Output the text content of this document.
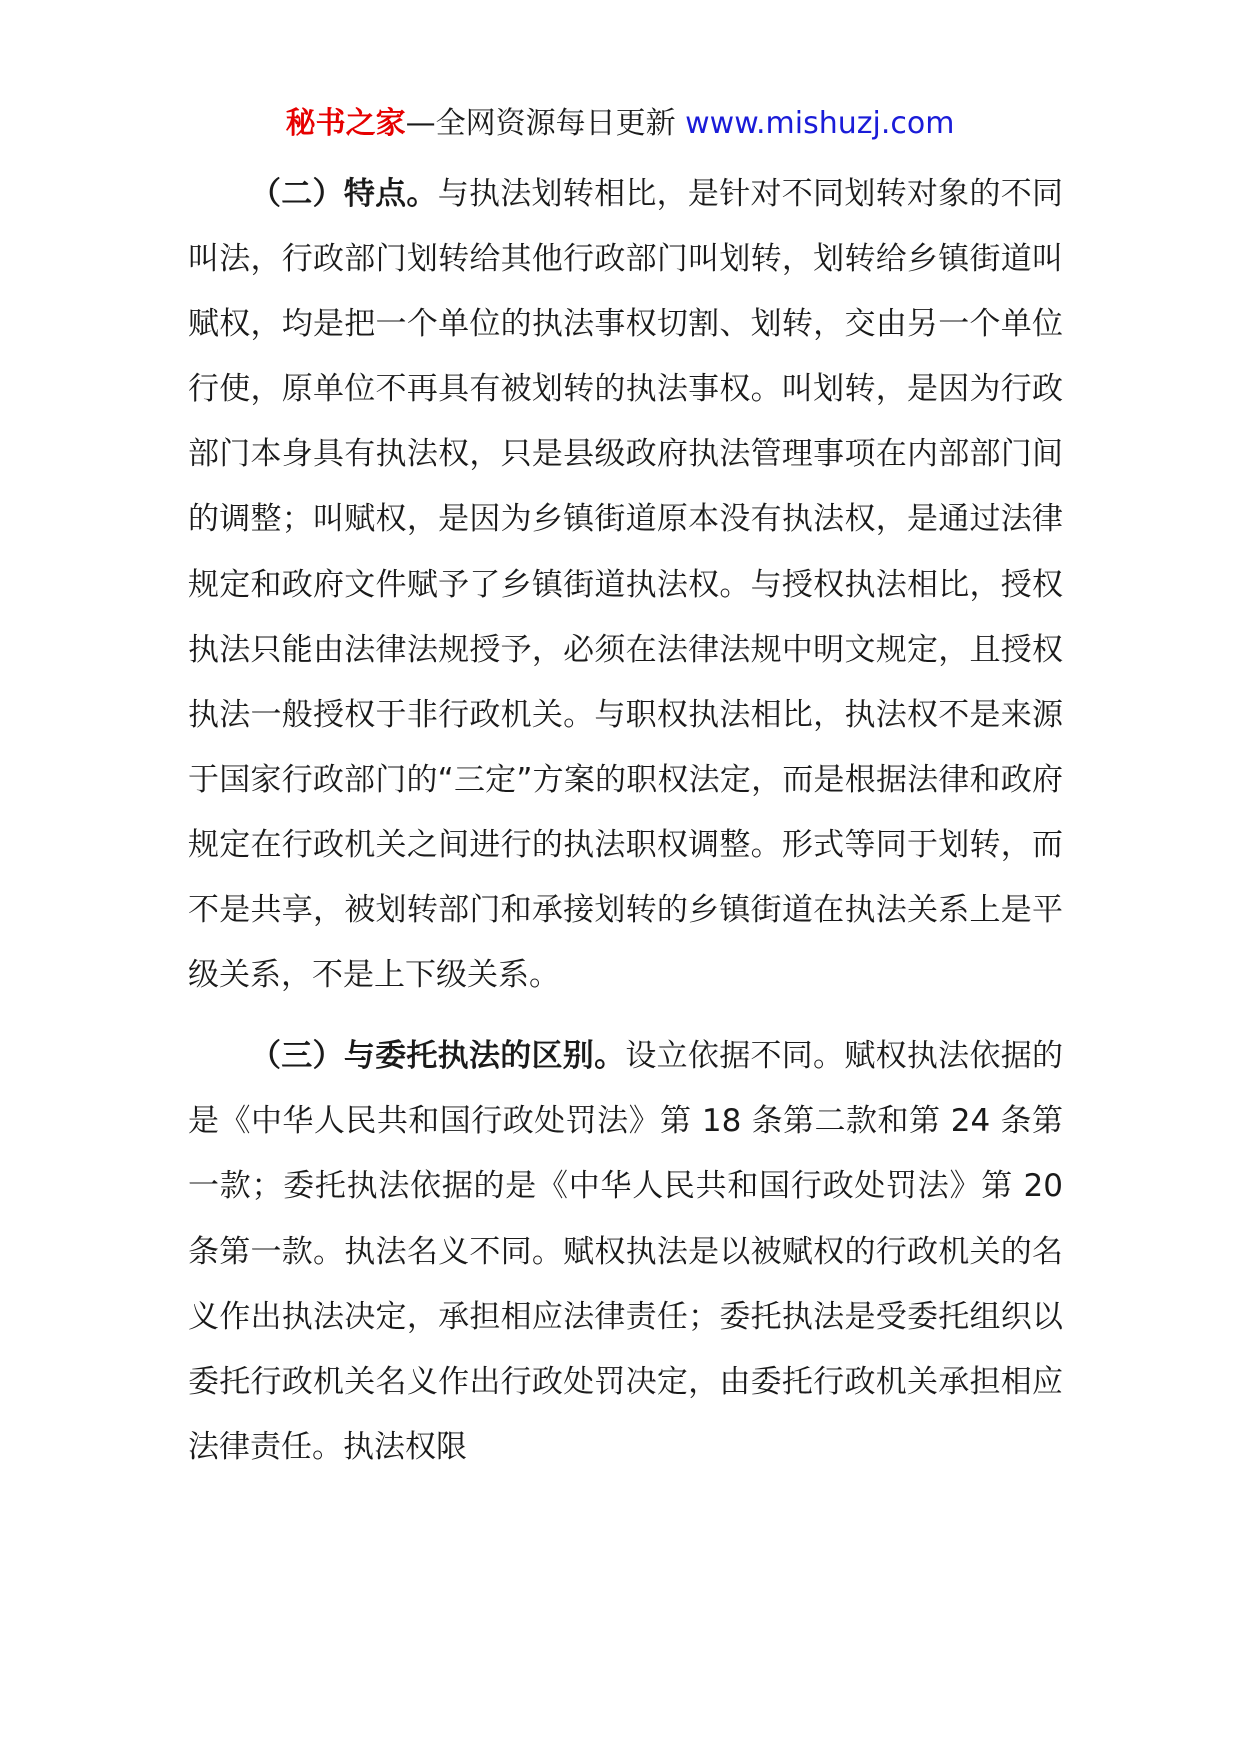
秘书之家—全网资源每日更新 www.mishuzj.com

（二）特点。与执法划转相比，是针对不同划转对象的不同叫法，行政部门划转给其他行政部门叫划转，划转给乡镇街道叫赋权，均是把一个单位的执法事权切割、划转，交由另一个单位行使，原单位不再具有被划转的执法事权。叫划转，是因为行政部门本身具有执法权，只是县级政府执法管理事项在内部部门间的调整；叫赋权，是因为乡镇街道原本没有执法权，是通过法律规定和政府文件赋予了乡镇街道执法权。与授权执法相比，授权执法只能由法律法规授予，必须在法律法规中明文规定，且授权执法一般授权于非行政机关。与职权执法相比，执法权不是来源于国家行政部门的“三定”方案的职权法定，而是根据法律和政府规定在行政机关之间进行的执法职权调整。形式等同于划转，而不是共享，被划转部门和承接划转的乡镇街道在执法关系上是平级关系，不是上下级关系。

（三）与委托执法的区别。设立依据不同。赋权执法依据的是《中华人民共和国行政处罚法》第 18 条第二款和第 24 条第一款；委托执法依据的是《中华人民共和国行政处罚法》第 20 条第一款。执法名义不同。赋权执法是以被赋权的行政机关的名义作出执法决定，承担相应法律责任；委托执法是受委托组织以委托行政机关名义作出行政处罚决定，由委托行政机关承担相应法律责任。执法权限
